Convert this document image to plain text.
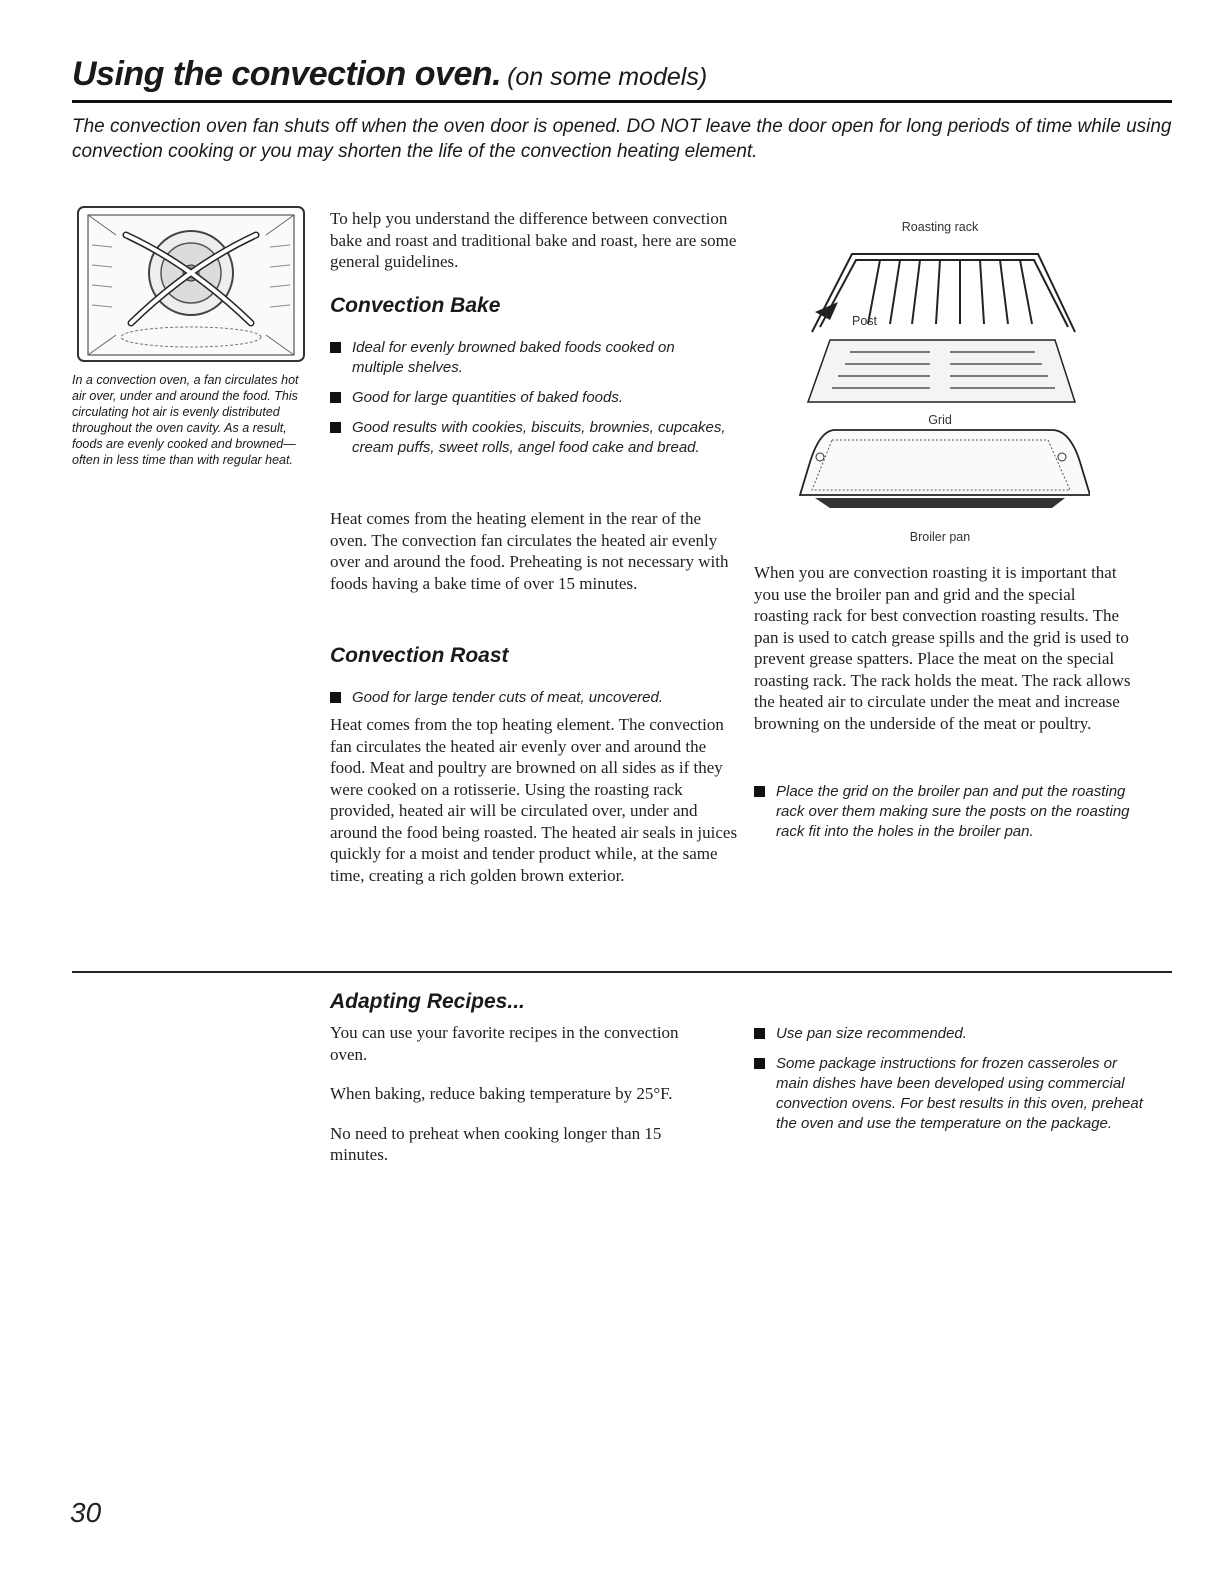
Using the convection oven. (on some models)
The convection oven fan shuts off when the oven door is opened. DO NOT leave the door open for long periods of time while using convection cooking or you may shorten the life of the convection heating element.
In a convection oven, a fan circulates hot air over, under and around the food. This circulating hot air is evenly distributed throughout the oven cavity. As a result, foods are evenly cooked and browned—often in less time than with regular heat.
To help you understand the difference between convection bake and roast and traditional bake and roast, here are some general guidelines.
Convection Bake
Ideal for evenly browned baked foods cooked on multiple shelves.
Good for large quantities of baked foods.
Good results with cookies, biscuits, brownies, cupcakes, cream puffs, sweet rolls, angel food cake and bread.
Heat comes from the heating element in the rear of the oven. The convection fan circulates the heated air evenly over and around the food. Preheating is not necessary with foods having a bake time of over 15 minutes.
Convection Roast
Good for large tender cuts of meat, uncovered.
Heat comes from the top heating element. The convection fan circulates the heated air evenly over and around the food. Meat and poultry are browned on all sides as if they were cooked on a rotisserie. Using the roasting rack provided, heated air will be circulated over, under and around the food being roasted. The heated air seals in juices quickly for a moist and tender product while, at the same time, creating a rich golden brown exterior.
Roasting rack
Post
Grid
Broiler pan
When you are convection roasting it is important that you use the broiler pan and grid and the special roasting rack for best convection roasting results. The pan is used to catch grease spills and the grid is used to prevent grease spatters. Place the meat on the special roasting rack. The rack holds the meat. The rack allows the heated air to circulate under the meat and increase browning on the underside of the meat or poultry.
Place the grid on the broiler pan and put the roasting rack over them making sure the posts on the roasting rack fit into the holes in the broiler pan.
Adapting Recipes...

You can use your favorite recipes in the convection oven.

When baking, reduce baking temperature by 25°F.

No need to preheat when cooking longer than 15 minutes.

Use pan size recommended.
Some package instructions for frozen casseroles or main dishes have been developed using commercial convection ovens. For best results in this oven, preheat the oven and use the temperature on the package.
30
